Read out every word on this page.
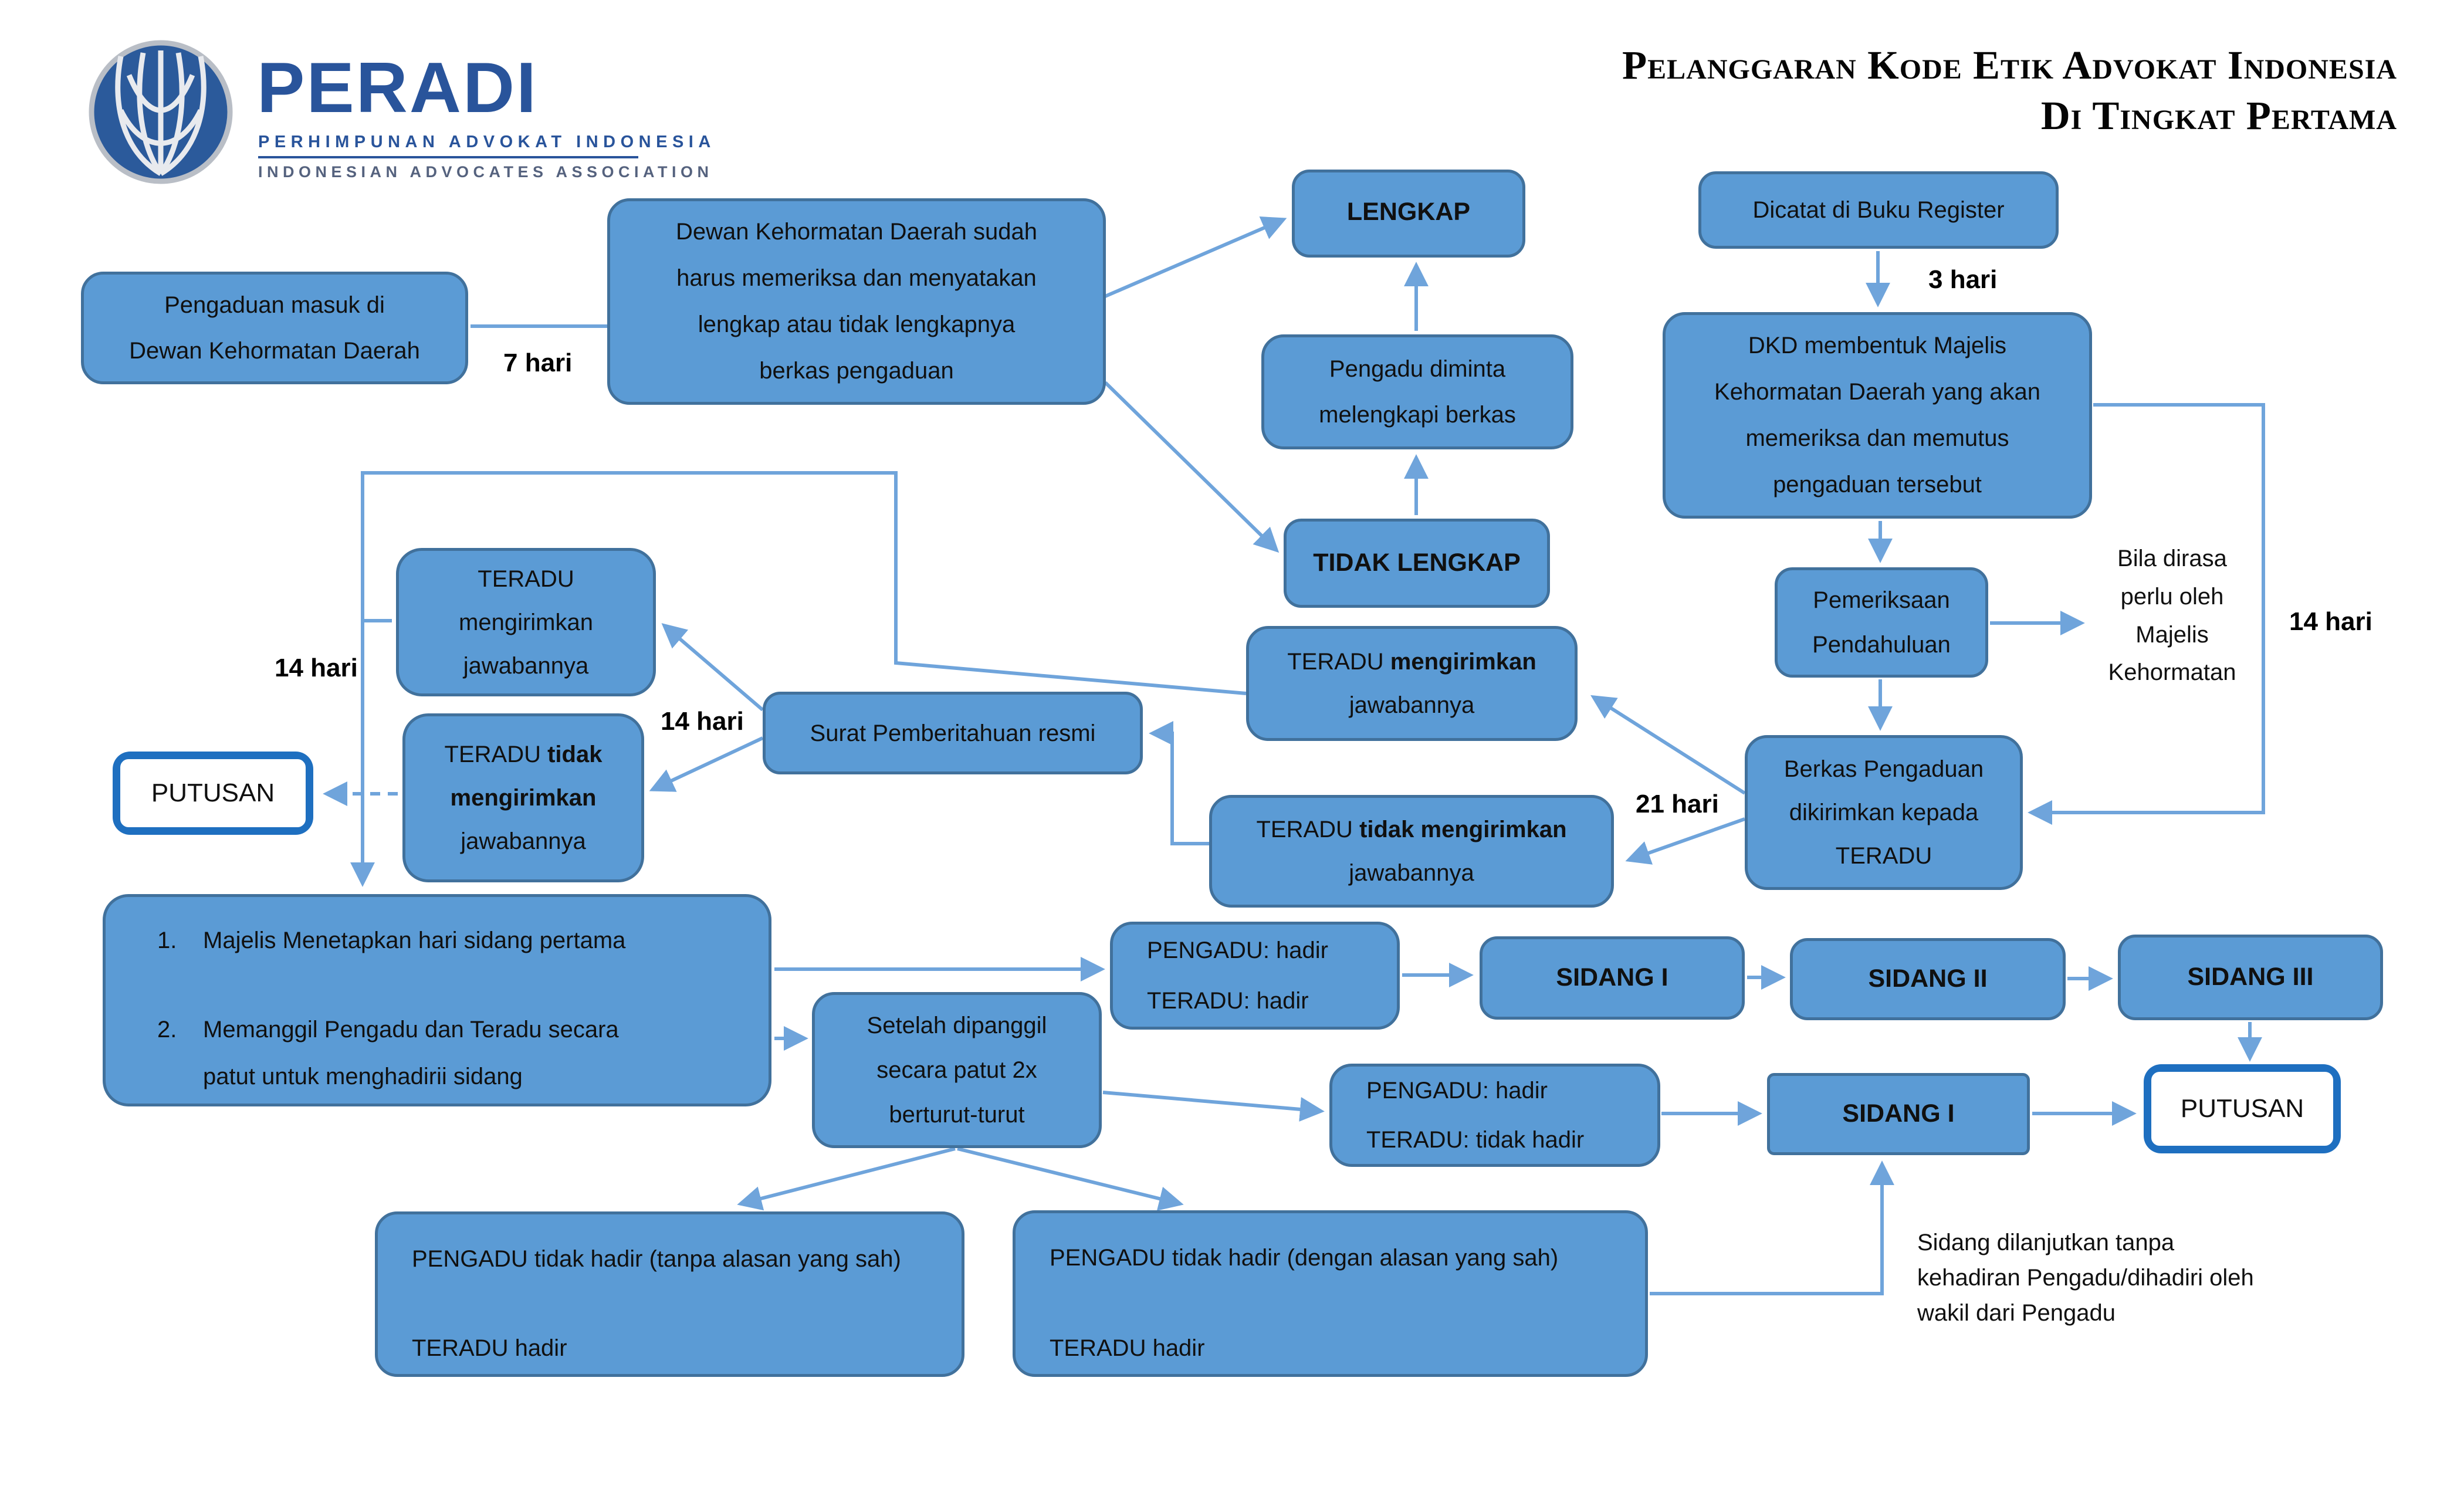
PERADI
PERHIMPUNAN ADVOKAT INDONESIA
INDONESIAN ADVOCATES ASSOCIATION
Pelanggaran Kode Etik Advokat Indonesia
Di Tingkat Pertama
Pengaduan masuk di
Dewan Kehormatan Daerah
Dewan Kehormatan Daerah sudah
harus memeriksa dan menyatakan
lengkap atau tidak lengkapnya
berkas pengaduan
LENGKAP
Pengadu diminta
melengkapi berkas
TIDAK LENGKAP
Dicatat di Buku Register
DKD membentuk Majelis
Kehormatan Daerah yang akan
memeriksa dan memutus
pengaduan tersebut
Pemeriksaan
Pendahuluan
Bila dirasa
perlu oleh
Majelis
Kehormatan
Berkas Pengaduan
dikirimkan kepada
TERADU
TERADU mengirimkan
jawabannya
TERADU tidak mengirimkan
jawabannya
Surat Pemberitahuan resmi
TERADU
mengirimkan
jawabannya
TERADU tidak
mengirimkan
jawabannya
PUTUSAN
1.	Majelis Menetapkan hari sidang pertama
2.	Memanggil Pengadu dan Teradu secara
patut untuk menghadirii sidang
Setelah dipanggil
secara patut 2x
berturut-turut
PENGADU: hadir
TERADU: hadir
SIDANG I	SIDANG II	SIDANG III
PENGADU: hadir
TERADU: tidak hadir
SIDANG I	PUTUSAN
PENGADU tidak hadir (tanpa alasan yang sah)
TERADU hadir
PENGADU tidak hadir (dengan alasan yang sah)
TERADU hadir
Sidang dilanjutkan tanpa
kehadiran Pengadu/dihadiri oleh
wakil dari Pengadu
7 hari
3 hari
14 hari
21 hari
14 hari
14 hari
